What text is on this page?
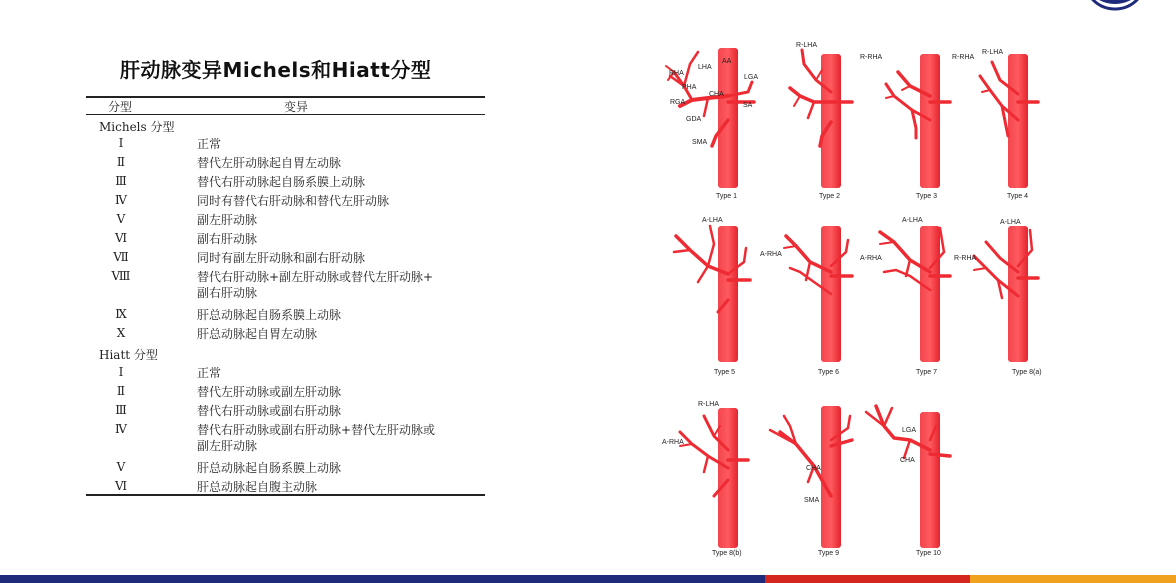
肝动脉变异Michels和Hiatt分型
分型	变异
Michels 分型
Ⅰ	正常
Ⅱ	替代左肝动脉起自胃左动脉
Ⅲ	替代右肝动脉起自肠系膜上动脉
Ⅳ	同时有替代右肝动脉和替代左肝动脉
Ⅴ	副左肝动脉
Ⅵ	副右肝动脉
Ⅶ	同时有副左肝动脉和副右肝动脉
Ⅷ	替代右肝动脉+副左肝动脉或替代左肝动脉+
副右肝动脉
Ⅸ	肝总动脉起自肠系膜上动脉
Ⅹ	肝总动脉起自胃左动脉
Hiatt 分型
Ⅰ	正常
Ⅱ	替代左肝动脉或副左肝动脉
Ⅲ	替代右肝动脉或副右肝动脉
Ⅳ	替代右肝动脉或副右肝动脉+替代左肝动脉或
副左肝动脉
Ⅴ	肝总动脉起自肠系膜上动脉
Ⅵ	肝总动脉起自腹主动脉
LHA
AA
RHA
LGA
PHA
CHA
RGA	SA
GDA
SMA
Type 1
R-LHA
Type 2
R-RHA
Type 3
R-RHA
R-LHA
Type 4
A-LHA
Type 5
A-RHA
Type 6
A-LHA
A-RHA
Type 7
A-LHA
R-RHA
Type 8(a)
R-LHA
A-RHA
Type 8(b)
CHA
SMA
Type 9
LGA
CHA
Type 10
